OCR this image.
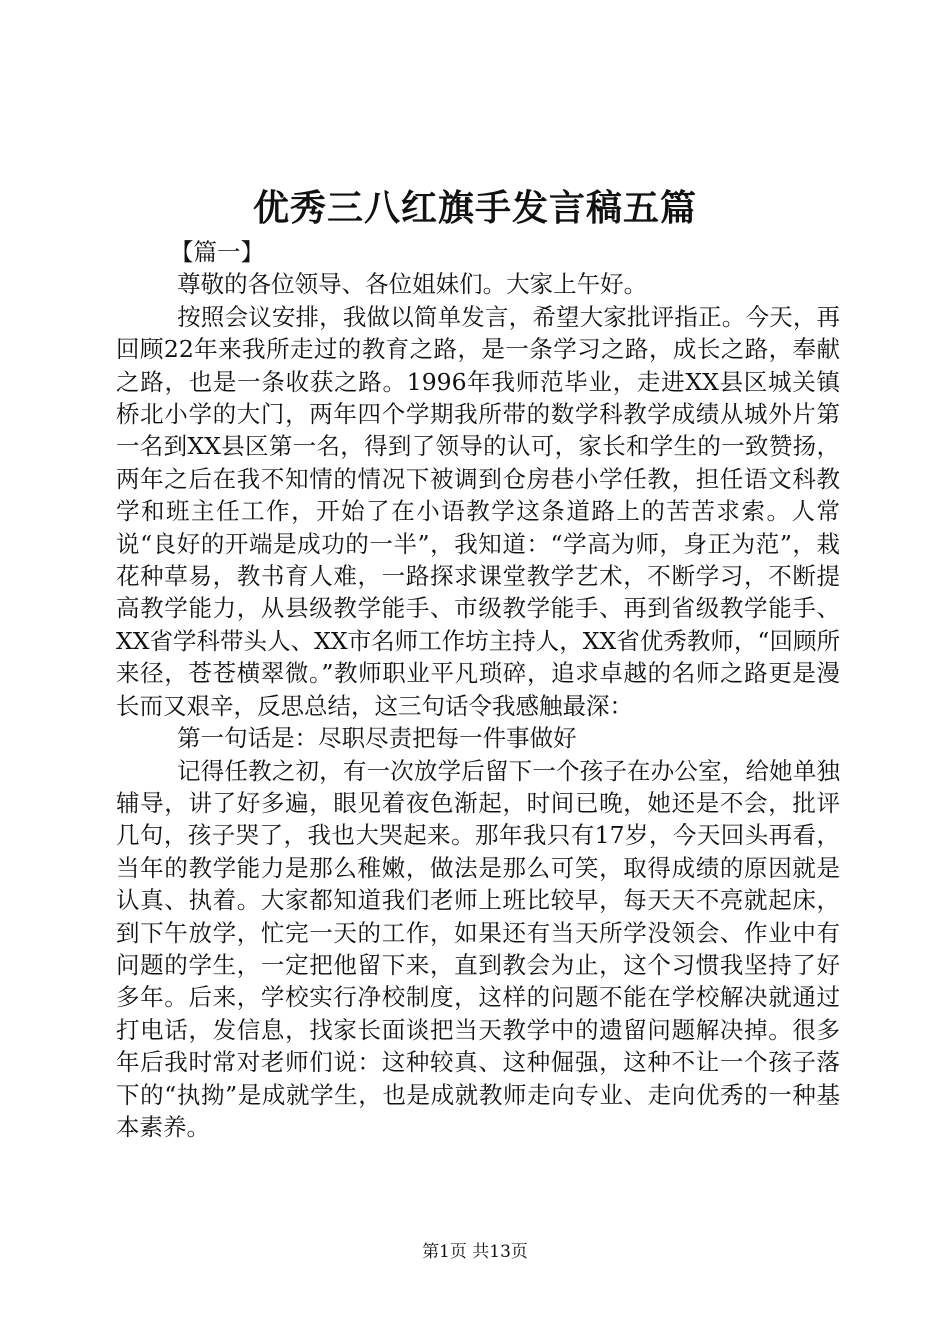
优秀三八红旗手发言稿五篇

【篇一】

尊敬的各位领导、各位姐妹们。大家上午好。

按照会议安排，我做以简单发言，希望大家批评指正。今天，再回顾22年来我所走过的教育之路，是一条学习之路，成长之路，奉献之路，也是一条收获之路。1996年我师范毕业，走进XX县区城关镇桥北小学的大门，两年四个学期我所带的数学科教学成绩从城外片第一名到XX县区第一名，得到了领导的认可，家长和学生的一致赞扬，两年之后在我不知情的情况下被调到仓房巷小学任教，担任语文科教学和班主任工作，开始了在小语教学这条道路上的苦苦求索。人常说“良好的开端是成功的一半”，我知道：“学高为师，身正为范”，栽花种草易，教书育人难，一路探求课堂教学艺术，不断学习，不断提高教学能力，从县级教学能手、市级教学能手、再到省级教学能手、XX省学科带头人、XX市名师工作坊主持人，XX省优秀教师，“回顾所来径，苍苍横翠微。”教师职业平凡琐碎，追求卓越的名师之路更是漫长而又艰辛，反思总结，这三句话令我感触最深：

第一句话是：尽职尽责把每一件事做好

记得任教之初，有一次放学后留下一个孩子在办公室，给她单独辅导，讲了好多遍，眼见着夜色渐起，时间已晚，她还是不会，批评几句，孩子哭了，我也大哭起来。那年我只有17岁，今天回头再看，当年的教学能力是那么稚嫩，做法是那么可笑，取得成绩的原因就是认真、执着。大家都知道我们老师上班比较早，每天天不亮就起床，到下午放学，忙完一天的工作，如果还有当天所学没领会、作业中有问题的学生，一定把他留下来，直到教会为止，这个习惯我坚持了好多年。后来，学校实行净校制度，这样的问题不能在学校解决就通过打电话，发信息，找家长面谈把当天教学中的遗留问题解决掉。很多年后我时常对老师们说：这种较真、这种倔强，这种不让一个孩子落下的“执拗”是成就学生，也是成就教师走向专业、走向优秀的一种基本素养。

第1页 共13页
